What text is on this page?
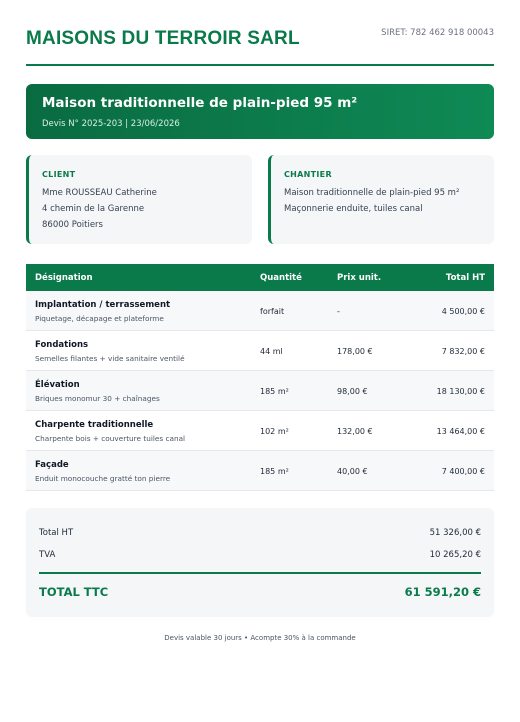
MAISONS DU TERROIR SARL	SIRET: 782 462 918 00043
Maison traditionnelle de plain-pied 95 m²
Devis N° 2025-203 | 23/06/2026
CLIENT
Mme ROUSSEAU Catherine
4 chemin de la Garenne
86000 Poitiers
CHANTIER
Maison traditionnelle de plain-pied 95 m²
Maçonnerie enduite, tuiles canal
Désignation	Quantité	Prix unit.	Total HT
Implantation / terrassement
Piquetage, décapage et plateforme
forfait	-	4 500,00 €
Fondations
Semelles filantes + vide sanitaire ventilé
44 ml	178,00 €	7 832,00 €
Élévation
Briques monomur 30 + chaînages
185 m²	98,00 €	18 130,00 €
Charpente traditionnelle
Charpente bois + couverture tuiles canal
102 m²	132,00 €	13 464,00 €
Façade
Enduit monocouche gratté ton pierre
185 m²	40,00 €	7 400,00 €
Total HT	51 326,00 €
TVA	10 265,20 €
TOTAL TTC	61 591,20 €
Devis valable 30 jours • Acompte 30% à la commande
